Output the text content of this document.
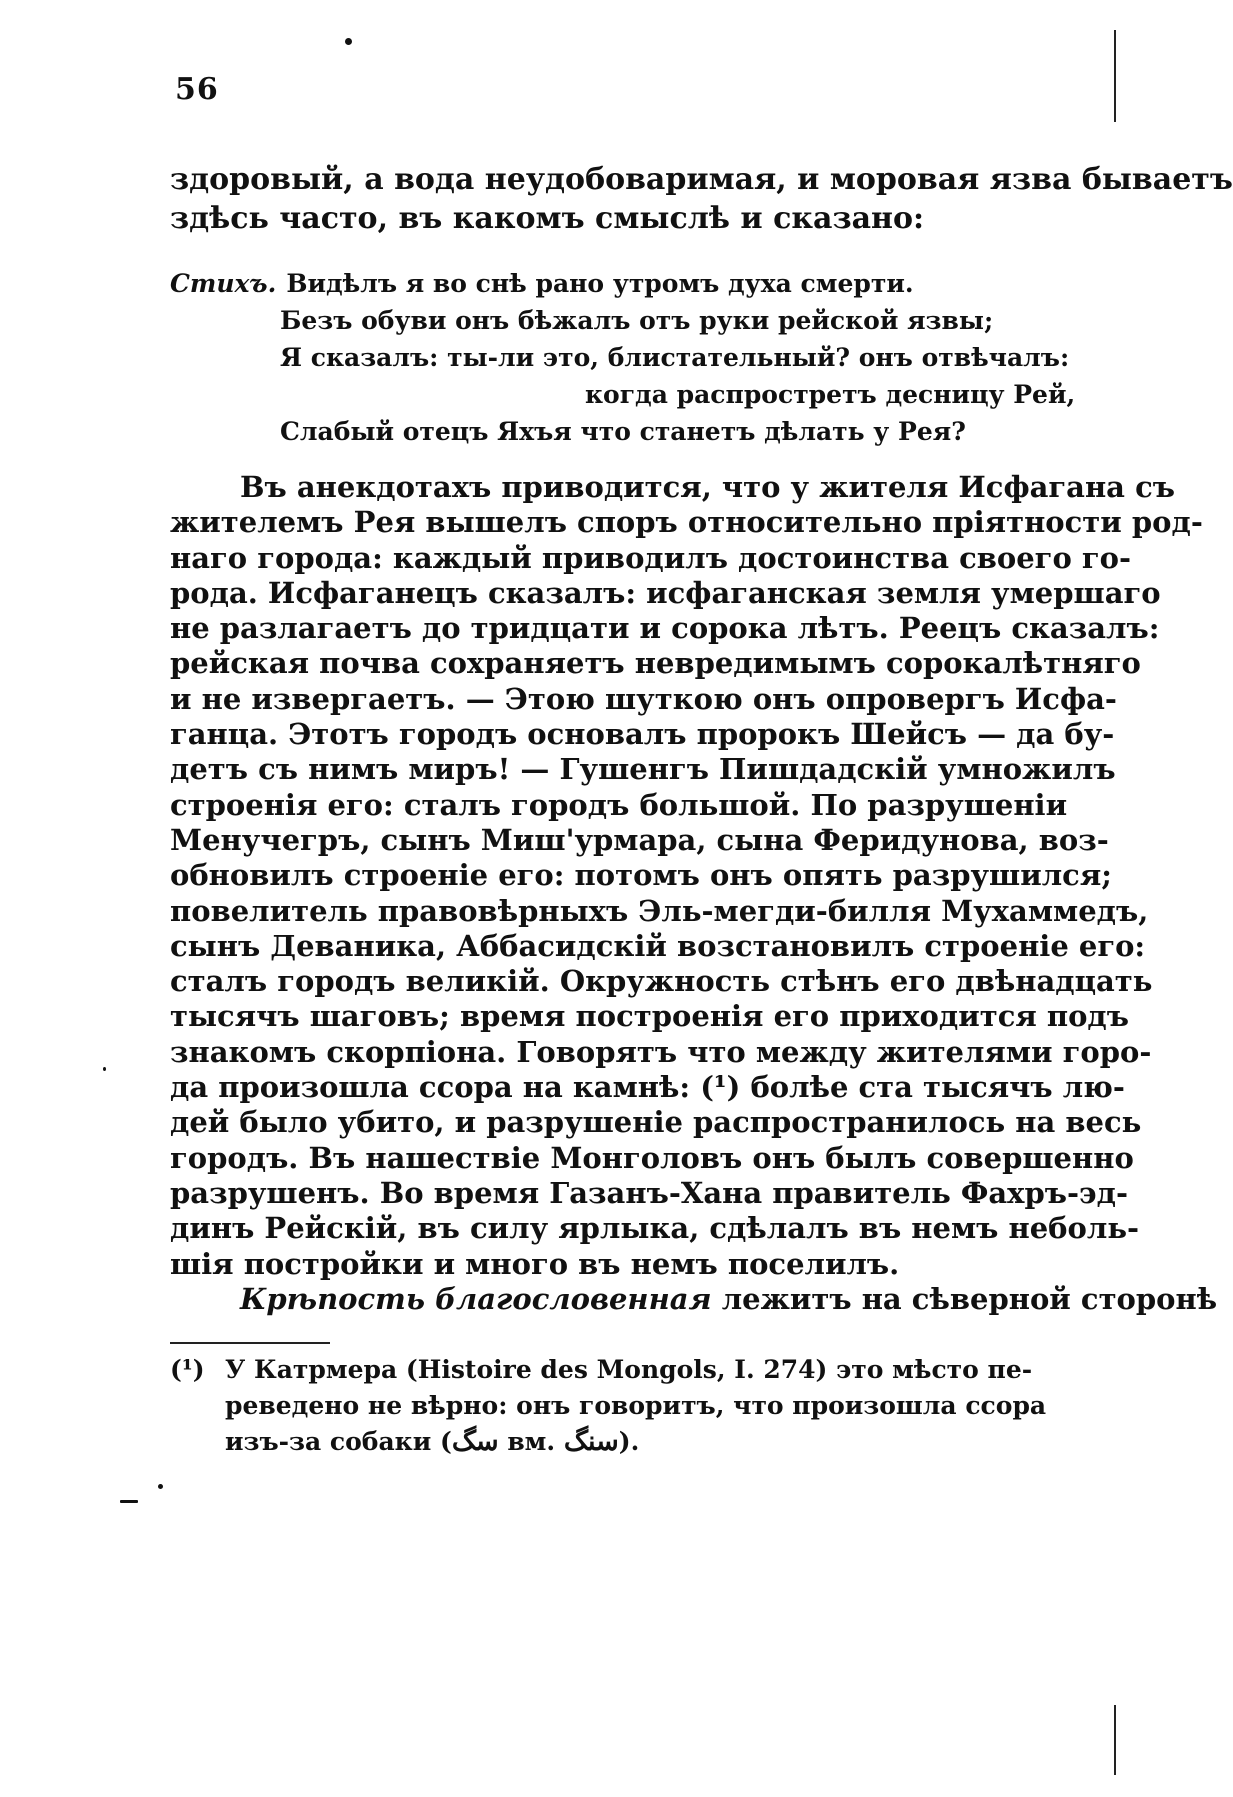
56
здоровый, а вода неудобоваримая, и моровая язва бываетъ
здѣсь часто, въ какомъ смыслѣ и сказано:
Стихъ. Видѣлъ я во снѣ рано утромъ духа смерти.
Безъ обуви онъ бѣжалъ отъ руки рейской язвы;
Я сказалъ: ты-ли это, блистательный? онъ отвѣчалъ:
когда распростретъ десницу Рей,
Слабый отецъ Яхъя что станетъ дѣлать у Рея?
Въ анекдотахъ приводится, что у жителя Исфагана съ
жителемъ Рея вышелъ споръ относительно пріятности род-
наго города: каждый приводилъ достоинства своего го-
рода. Исфаганецъ сказалъ: исфаганская земля умершаго
не разлагаетъ до тридцати и сорока лѣтъ. Реецъ сказалъ:
рейская почва сохраняетъ невредимымъ сорокалѣтняго
и не извергаетъ. — Этою шуткою онъ опровергъ Исфа-
ганца. Этотъ городъ основалъ пророкъ Шейсъ — да бу-
детъ съ нимъ миръ! — Гушенгъ Пишдадскій умножилъ
строенія его: сталъ городъ большой. По разрушеніи
Менучегръ, сынъ Миш'урмара, сына Феридунова, воз-
обновилъ строеніе его: потомъ онъ опять разрушился;
повелитель правовѣрныхъ Эль-мегди-билля Мухаммедъ,
сынъ Деваника, Аббасидскій возстановилъ строеніе его:
сталъ городъ великій. Окружность стѣнъ его двѣнадцать
тысячъ шаговъ; время построенія его приходится подъ
знакомъ скорпіона. Говорятъ что между жителями горо-
да произошла ссора на камнѣ: (¹) болѣе ста тысячъ лю-
дей было убито, и разрушеніе распространилось на весь
городъ. Въ нашествіе Монголовъ онъ былъ совершенно
разрушенъ. Во время Газанъ-Хана правитель Фахръ-эд-
динъ Рейскій, въ силу ярлыка, сдѣлалъ въ немъ неболь-
шія постройки и много въ немъ поселилъ.
Крѣпость благословенная лежитъ на сѣверной сторонѣ
(¹) У Катрмера (Histoire des Mongols, I. 274) это мѣсто пе-
реведено не вѣрно: онъ говоритъ, что произошла ссора
изъ-за собаки (سگ вм. سنگ).
